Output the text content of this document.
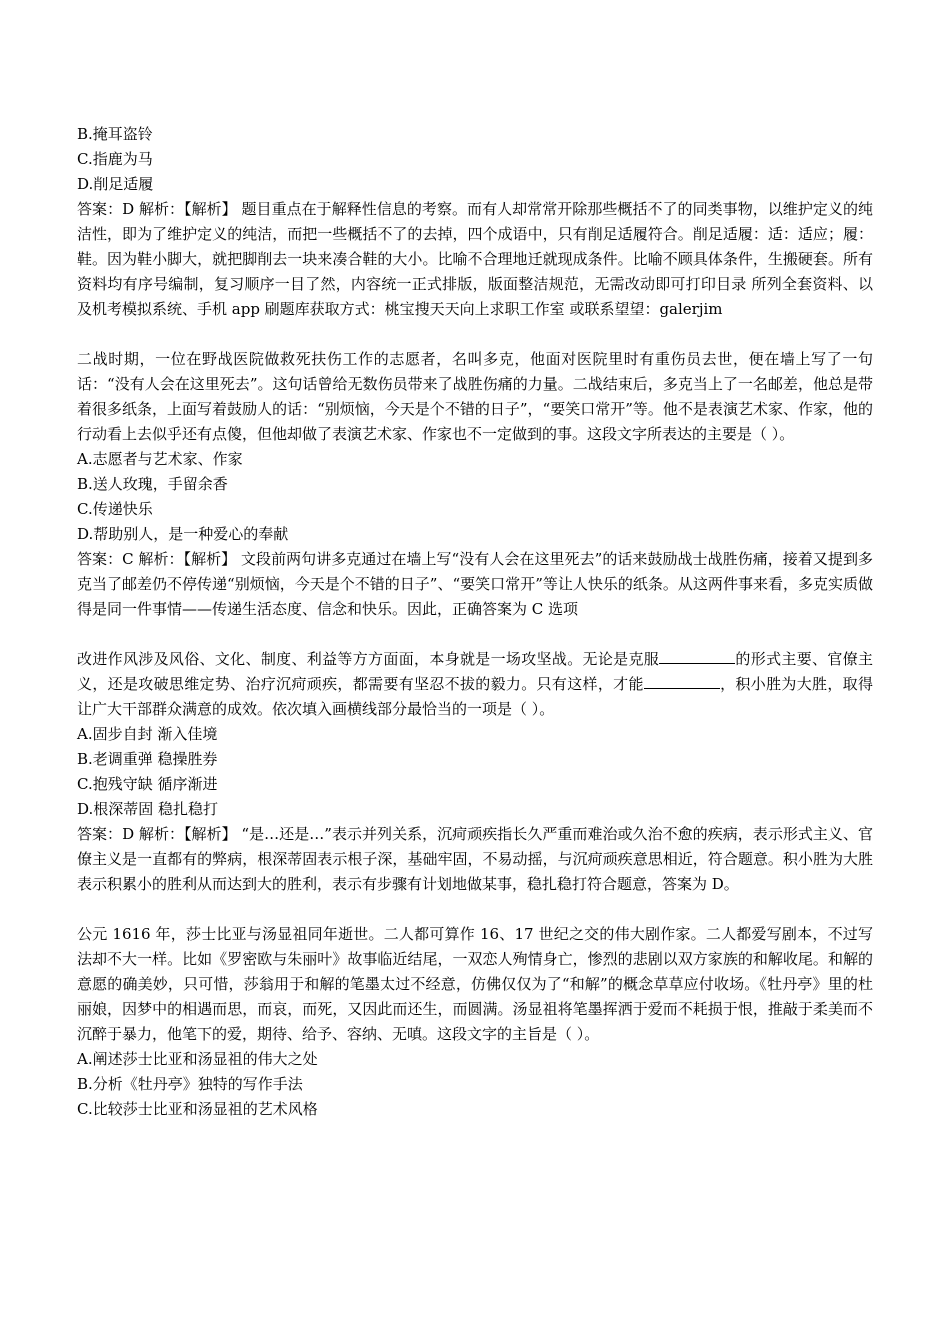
B.掩耳盗铃

C.指鹿为马

D.削足适履

答案：D 解析：【解析】 题目重点在于解释性信息的考察。而有人却常常开除那些概括不了的同类事物，以维护定义的纯洁性，即为了维护定义的纯洁，而把一些概括不了的去掉，四个成语中，只有削足适履符合。削足适履：适：适应；履：鞋。因为鞋小脚大，就把脚削去一块来凑合鞋的大小。比喻不合理地迁就现成条件。比喻不顾具体条件，生搬硬套。所有资料均有序号编制，复习顺序一目了然，内容统一正式排版，版面整洁规范，无需改动即可打印目录 所列全套资料、以及机考模拟系统、手机 app 刷题库获取方式：桃宝搜天天向上求职工作室 或联系望望：galerjim

二战时期，一位在野战医院做救死扶伤工作的志愿者，名叫多克，他面对医院里时有重伤员去世，便在墙上写了一句话：“没有人会在这里死去”。这句话曾给无数伤员带来了战胜伤痛的力量。二战结束后，多克当上了一名邮差，他总是带着很多纸条，上面写着鼓励人的话：“别烦恼，今天是个不错的日子”，“要笑口常开”等。他不是表演艺术家、作家，他的行动看上去似乎还有点傻，但他却做了表演艺术家、作家也不一定做到的事。这段文字所表达的主要是（ ）。

A.志愿者与艺术家、作家

B.送人玫瑰，手留余香

C.传递快乐

D.帮助别人，是一种爱心的奉献

答案：C 解析：【解析】 文段前两句讲多克通过在墙上写“没有人会在这里死去”的话来鼓励战士战胜伤痛，接着又提到多克当了邮差仍不停传递“别烦恼，今天是个不错的日子”、“要笑口常开”等让人快乐的纸条。从这两件事来看，多克实质做得是同一件事情——传递生活态度、信念和快乐。因此，正确答案为 C 选项

改进作风涉及风俗、文化、制度、利益等方方面面，本身就是一场攻坚战。无论是克服	的形式主要、官僚主义，还是攻破思维定势、治疗沉疴顽疾，都需要有坚忍不拔的毅力。只有这样，才能	，积小胜为大胜，取得让广大干部群众满意的成效。依次填入画横线部分最恰当的一项是（ ）。

A.固步自封 渐入佳境

B.老调重弹 稳操胜券

C.抱残守缺 循序渐进

D.根深蒂固 稳扎稳打

答案：D 解析：【解析】 “是…还是…”表示并列关系，沉疴顽疾指长久严重而难治或久治不愈的疾病，表示形式主义、官僚主义是一直都有的弊病，根深蒂固表示根子深，基础牢固，不易动摇，与沉疴顽疾意思相近，符合题意。积小胜为大胜表示积累小的胜利从而达到大的胜利，表示有步骤有计划地做某事，稳扎稳打符合题意，答案为 D。

公元 1616 年，莎士比亚与汤显祖同年逝世。二人都可算作 16、17 世纪之交的伟大剧作家。二人都爱写剧本，不过写法却不大一样。比如《罗密欧与朱丽叶》故事临近结尾，一双恋人殉情身亡，惨烈的悲剧以双方家族的和解收尾。和解的意愿的确美妙，只可惜，莎翁用于和解的笔墨太过不经意，仿佛仅仅为了“和解”的概念草草应付收场。《牡丹亭》里的杜丽娘，因梦中的相遇而思，而哀，而死，又因此而还生，而圆满。汤显祖将笔墨挥洒于爱而不耗损于恨，推敲于柔美而不沉醉于暴力，他笔下的爱，期待、给予、容纳、无嗔。这段文字的主旨是（ ）。

A.阐述莎士比亚和汤显祖的伟大之处

B.分析《牡丹亭》独特的写作手法

C.比较莎士比亚和汤显祖的艺术风格
